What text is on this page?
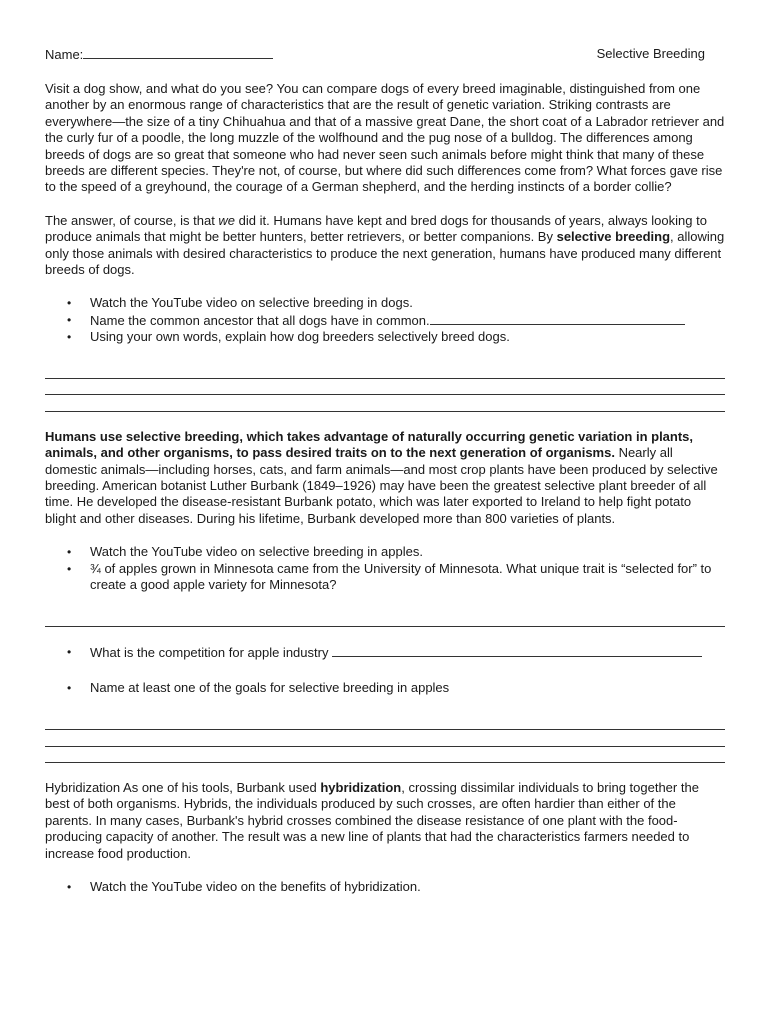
Name:	Selective Breeding

Visit a dog show, and what do you see? You can compare dogs of every breed imaginable, distinguished from one another by an enormous range of characteristics that are the result of genetic variation. Striking contrasts are everywhere—the size of a tiny Chihuahua and that of a massive great Dane, the short coat of a Labrador retriever and the curly fur of a poodle, the long muzzle of the wolfhound and the pug nose of a bulldog. The differences among breeds of dogs are so great that someone who had never seen such animals before might think that many of these breeds are different species. They're not, of course, but where did such differences come from? What forces gave rise to the speed of a greyhound, the courage of a German shepherd, and the herding instincts of a border collie?

The answer, of course, is that we did it. Humans have kept and bred dogs for thousands of years, always looking to produce animals that might be better hunters, better retrievers, or better companions. By selective breeding, allowing only those animals with desired characteristics to produce the next generation, humans have produced many different breeds of dogs.

• Watch the YouTube video on selective breeding in dogs.
• Name the common ancestor that all dogs have in common.
• Using your own words, explain how dog breeders selectively breed dogs.

Humans use selective breeding, which takes advantage of naturally occurring genetic variation in plants, animals, and other organisms, to pass desired traits on to the next generation of organisms. Nearly all domestic animals—including horses, cats, and farm animals—and most crop plants have been produced by selective breeding. American botanist Luther Burbank (1849–1926) may have been the greatest selective plant breeder of all time. He developed the disease-resistant Burbank potato, which was later exported to Ireland to help fight potato blight and other diseases. During his lifetime, Burbank developed more than 800 varieties of plants.

• Watch the YouTube video on selective breeding in apples.
• ¾ of apples grown in Minnesota came from the University of Minnesota. What unique trait is “selected for” to create a good apple variety for Minnesota?
• What is the competition for apple industry
• Name at least one of the goals for selective breeding in apples

Hybridization As one of his tools, Burbank used hybridization, crossing dissimilar individuals to bring together the best of both organisms. Hybrids, the individuals produced by such crosses, are often hardier than either of the parents. In many cases, Burbank's hybrid crosses combined the disease resistance of one plant with the food-producing capacity of another. The result was a new line of plants that had the characteristics farmers needed to increase food production.

• Watch the YouTube video on the benefits of hybridization.
